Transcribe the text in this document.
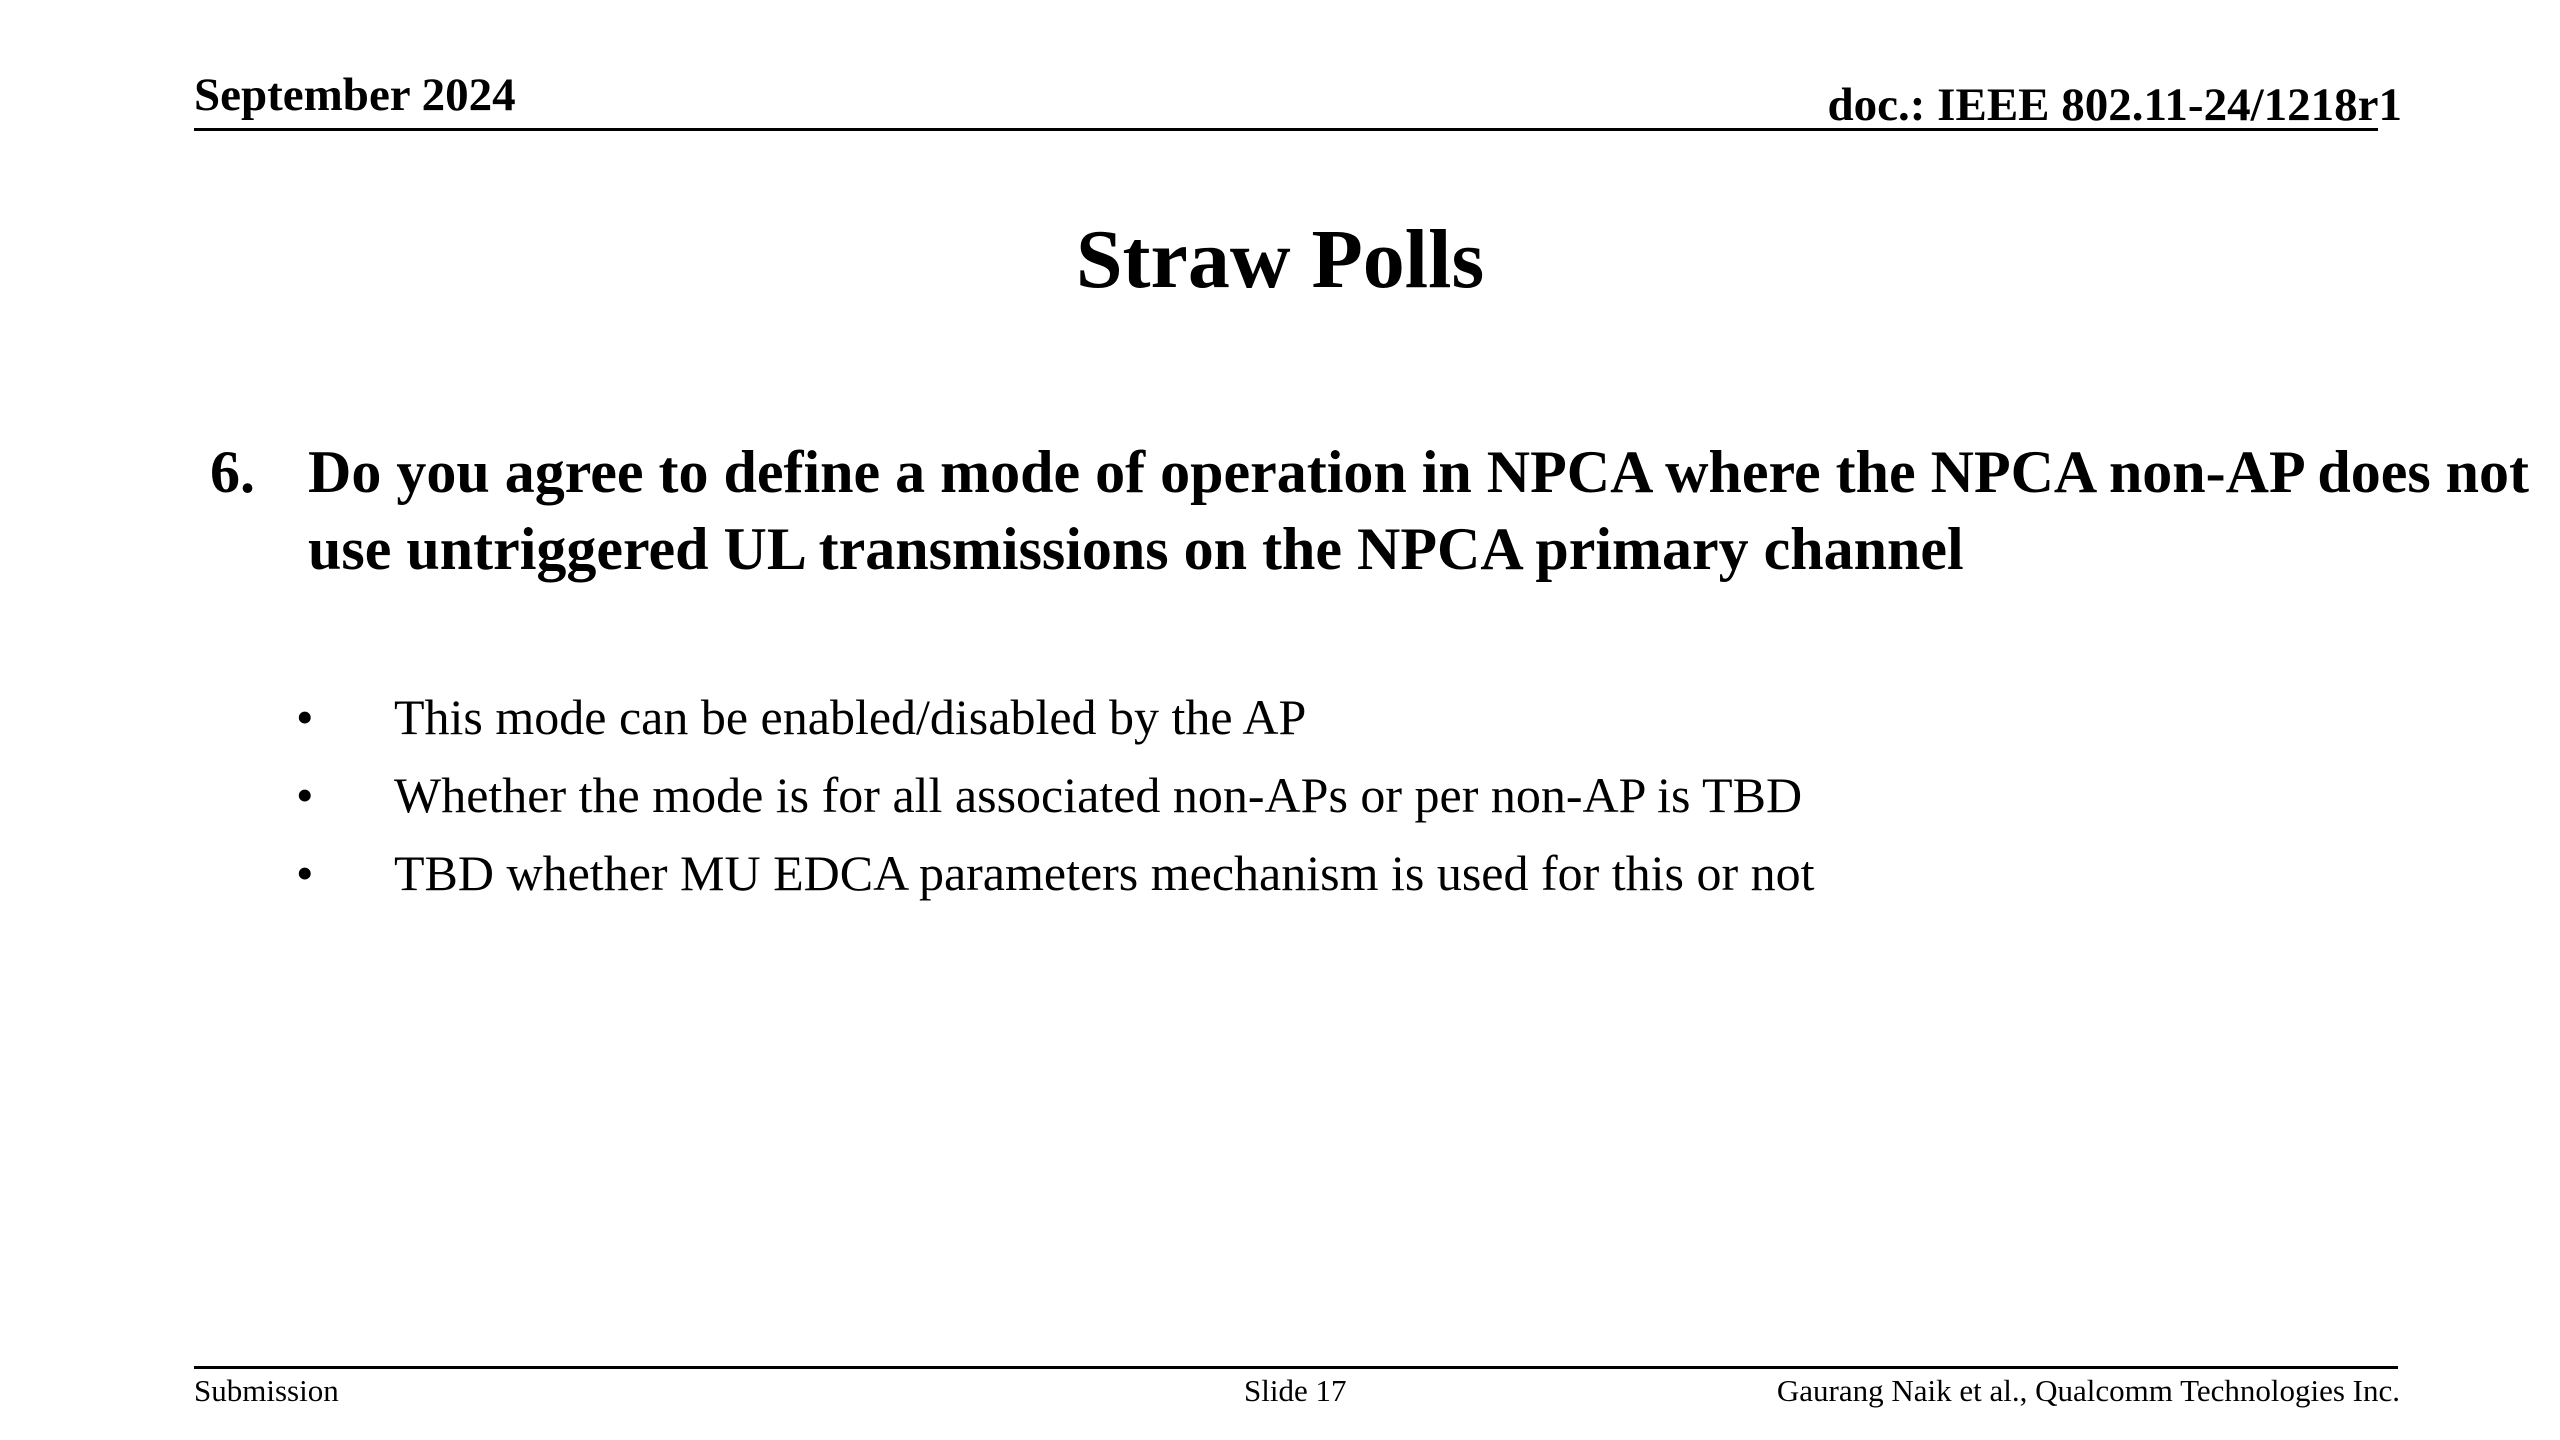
September 2024	doc.: IEEE 802.11-24/1218r1
Straw Polls
6. Do you agree to define a mode of operation in NPCA where the NPCA non-AP does not use untriggered UL transmissions on the NPCA primary channel
• This mode can be enabled/disabled by the AP
• Whether the mode is for all associated non-APs or per non-AP is TBD
• TBD whether MU EDCA parameters mechanism is used for this or not
Submission	Slide 17	Gaurang Naik et al., Qualcomm Technologies Inc.
